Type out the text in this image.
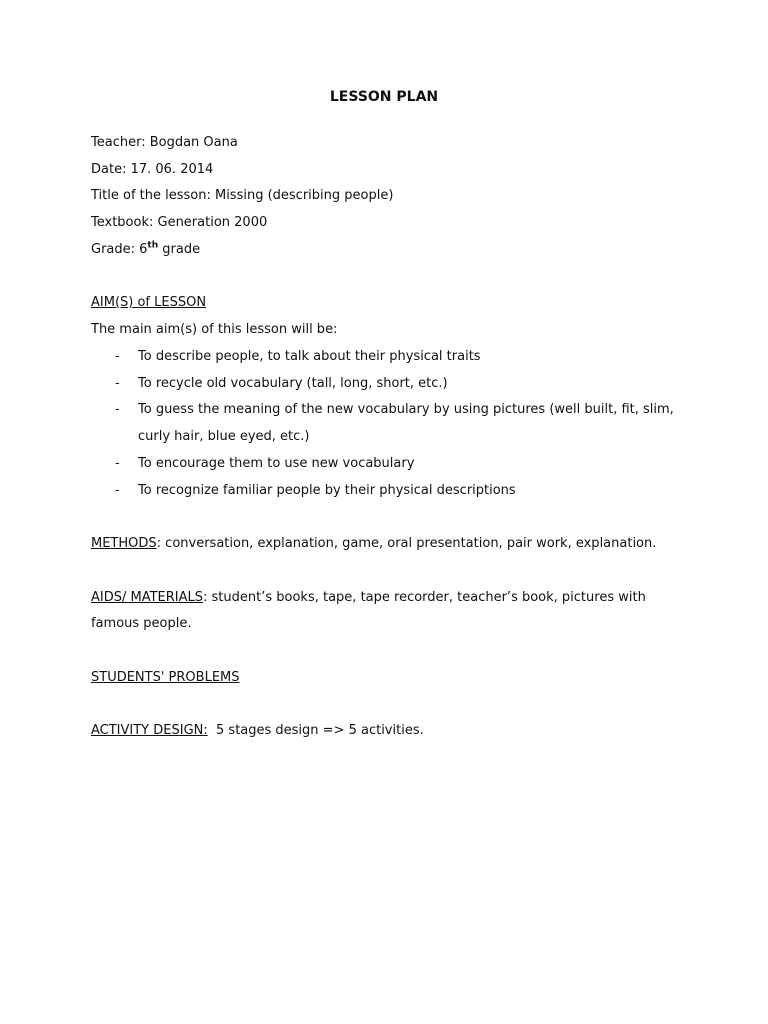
LESSON PLAN
Teacher: Bogdan Oana
Date: 17. 06. 2014
Title of the lesson: Missing (describing people)
Textbook: Generation 2000
Grade: 6th grade
AIM(S) of LESSON
The main aim(s) of this lesson will be:
- To describe people, to talk about their physical traits
- To recycle old vocabulary (tall, long, short, etc.)
- To guess the meaning of the new vocabulary by using pictures (well built, fit, slim,
curly hair, blue eyed, etc.)
- To encourage them to use new vocabulary
- To recognize familiar people by their physical descriptions
METHODS: conversation, explanation, game, oral presentation, pair work, explanation.
AIDS/ MATERIALS: student’s books, tape, tape recorder, teacher’s book, pictures with
famous people.
STUDENTS' PROBLEMS
ACTIVITY DESIGN:  5 stages design => 5 activities.
